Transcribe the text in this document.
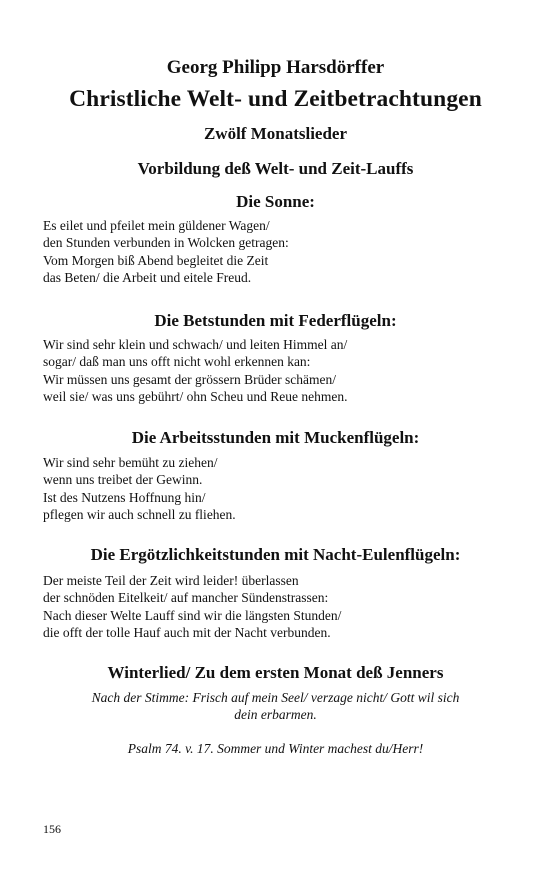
Georg Philipp Harsdörffer
Christliche Welt- und Zeitbetrachtungen
Zwölf Monatslieder
Vorbildung deß Welt- und Zeit-Lauffs
Die Sonne:
Es eilet und pfeilet mein güldener Wagen/
den Stunden verbunden in Wolcken getragen:
Vom Morgen biß Abend begleitet die Zeit
das Beten/ die Arbeit und eitele Freud.
Die Betstunden mit Federflügeln:
Wir sind sehr klein und schwach/ und leiten Himmel an/
sogar/ daß man uns offt nicht wohl erkennen kan:
Wir müssen uns gesamt der grössern Brüder schämen/
weil sie/ was uns gebührt/ ohn Scheu und Reue nehmen.
Die Arbeitsstunden mit Muckenflügeln:
Wir sind sehr bemüht zu ziehen/
wenn uns treibet der Gewinn.
Ist des Nutzens Hoffnung hin/
pflegen wir auch schnell zu fliehen.
Die Ergötzlichkeitstunden mit Nacht-Eulenflügeln:
Der meiste Teil der Zeit wird leider! überlassen
der schnöden Eitelkeit/ auf mancher Sündenstrassen:
Nach dieser Welte Lauff sind wir die längsten Stunden/
die offt der tolle Hauf auch mit der Nacht verbunden.
Winterlied/ Zu dem ersten Monat deß Jenners
Nach der Stimme: Frisch auf mein Seel/ verzage nicht/ Gott wil sich
dein erbarmen.
Psalm 74. v. 17. Sommer und Winter machest du/Herr!
156
